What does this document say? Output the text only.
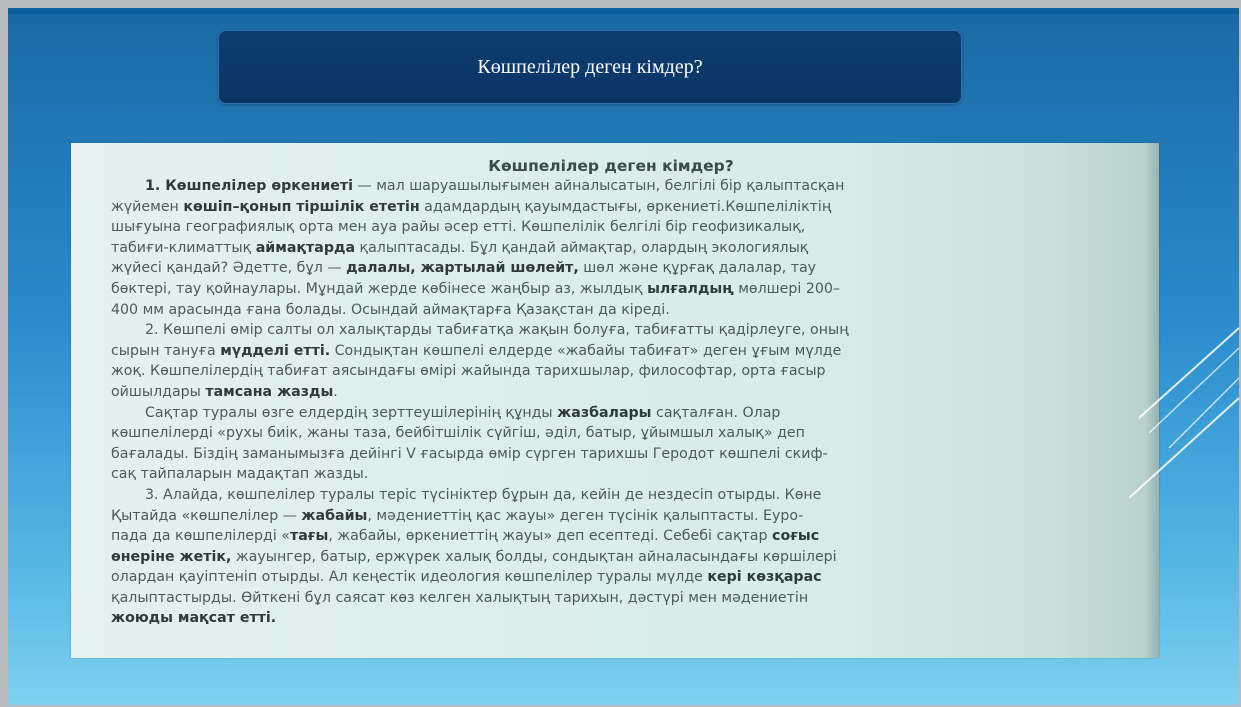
Көшпелілер деген кімдер?
Көшпелілер деген кімдер?
1. Көшпелілер өркениеті — мал шаруашылығымен айналысатын, белгілі бір қалыптасқан
жүйемен көшіп–қонып тіршілік ететін адамдардың қауымдастығы, өркениеті.Көшпеліліктің
шығуына географиялық орта мен ауа райы әсер етті. Көшпелілік белгілі бір геофизикалық,
табиғи-климаттық аймақтарда қалыптасады. Бұл қандай аймақтар, олардың экологиялық
жүйесі қандай? Әдетте, бұл — далалы, жартылай шөлейт, шөл және құрғақ далалар, тау
бөктері, тау қойнаулары. Мұндай жерде көбінесе жаңбыр аз, жылдық ылғалдың мөлшері 200–
400 мм арасында ғана болады. Осындай аймақтарға Қазақстан да кіреді.
2. Көшпелі өмір салты ол халықтарды табиғатқа жақын болуға, табиғатты қадірлеуге, оның
сырын тануға мүдделі етті. Сондықтан көшпелі елдерде «жабайы табиғат» деген ұғым мүлде
жоқ. Көшпелілердің табиғат аясындағы өмірі жайында тарихшылар, философтар, орта ғасыр
ойшылдары тамсана жазды.
Сақтар туралы өзге елдердің зерттеушілерінің құнды жазбалары сақталған. Олар
көшпелілерді «рухы биік, жаны таза, бейбітшілік сүйгіш, әділ, батыр, ұйымшыл халық» деп
бағалады. Біздің заманымызға дейінгі V ғасырда өмір сүрген тарихшы Геродот көшпелі скиф-
сақ тайпаларын мадақтап жазды.
3. Алайда, көшпелілер туралы теріс түсініктер бұрын да, кейін де нездесіп отырды. Көне
Қытайда «көшпелілер — жабайы, мәдениеттің қас жауы» деген түсінік қалыптасты. Еуро-
пада да көшпелілерді «тағы, жабайы, өркениеттің жауы» деп есептеді. Себебі сақтар соғыс
өнеріне жетік, жауынгер, батыр, ержүрек халық болды, сондықтан айналасындағы көршілері
олардан қауіптеніп отырды. Ал кеңестік идеология көшпелілер туралы мүлде кері көзқарас
қалыптастырды. Өйткені бұл саясат көз келген халықтың тарихын, дәстүрі мен мәдениетін
жоюды мақсат етті.
